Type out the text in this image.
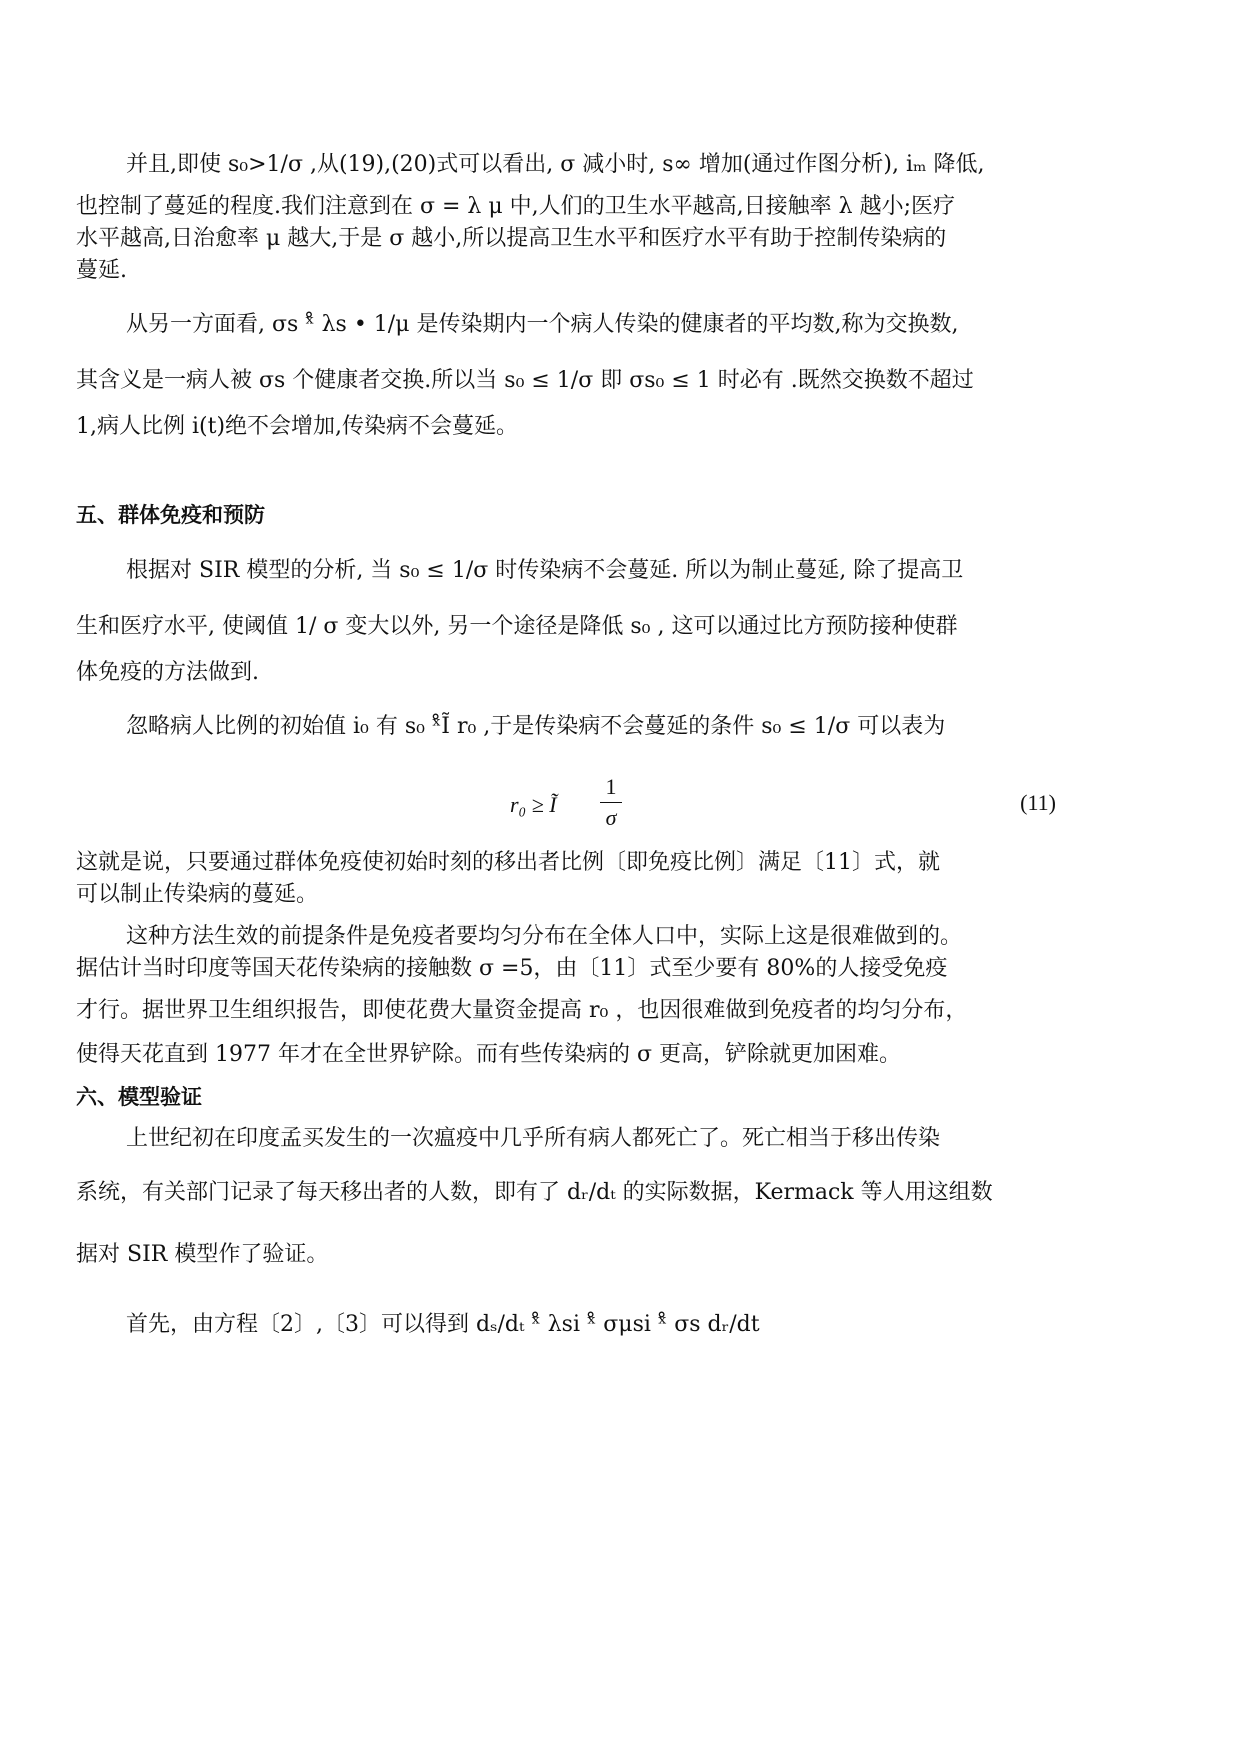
并且,即使 s₀>1/σ ,从(19),(20)式可以看出, σ 减小时, s∞ 增加(通过作图分析), iₘ 降低,
也控制了蔓延的程度.我们注意到在 σ = λ μ 中,人们的卫生水平越高,日接触率 λ 越小;医疗
水平越高,日治愈率 μ 越大,于是 σ 越小,所以提高卫生水平和医疗水平有助于控制传染病的
蔓延.
从另一方面看, σs ˣ̊ λs • 1/μ 是传染期内一个病人传染的健康者的平均数,称为交换数,
其含义是一病人被 σs 个健康者交换.所以当 s₀ ≤ 1/σ 即 σs₀ ≤ 1 时必有 .既然交换数不超过
1,病人比例 i(t)绝不会增加,传染病不会蔓延。
五、群体免疫和预防
根据对 SIR 模型的分析, 当 s₀ ≤ 1/σ 时传染病不会蔓延. 所以为制止蔓延, 除了提高卫
生和医疗水平, 使阈值 1/ σ 变大以外, 另一个途径是降低 s₀ , 这可以通过比方预防接种使群
体免疫的方法做到.
忽略病人比例的初始值 i₀ 有 s₀ ˣ̊Ĩ r₀ ,于是传染病不会蔓延的条件 s₀ ≤ 1/σ 可以表为
r₀ ≥ Ĩ
1
σ
(11)
这就是说，只要通过群体免疫使初始时刻的移出者比例〔即免疫比例〕满足〔11〕式，就
可以制止传染病的蔓延。
这种方法生效的前提条件是免疫者要均匀分布在全体人口中，实际上这是很难做到的。
据估计当时印度等国天花传染病的接触数 σ =5，由〔11〕式至少要有 80%的人接受免疫
才行。据世界卫生组织报告，即使花费大量资金提高 r₀ ，也因很难做到免疫者的均匀分布，
使得天花直到 1977 年才在全世界铲除。而有些传染病的 σ 更高，铲除就更加困难。
六、模型验证
上世纪初在印度孟买发生的一次瘟疫中几乎所有病人都死亡了。死亡相当于移出传染
系统，有关部门记录了每天移出者的人数，即有了 dᵣ/dₜ 的实际数据，Kermack 等人用这组数
据对 SIR 模型作了验证。
首先，由方程〔2〕,〔3〕可以得到 dₛ/dₜ ˣ̊ λsi ˣ̊ σμsi ˣ̊ σs dᵣ/dt
